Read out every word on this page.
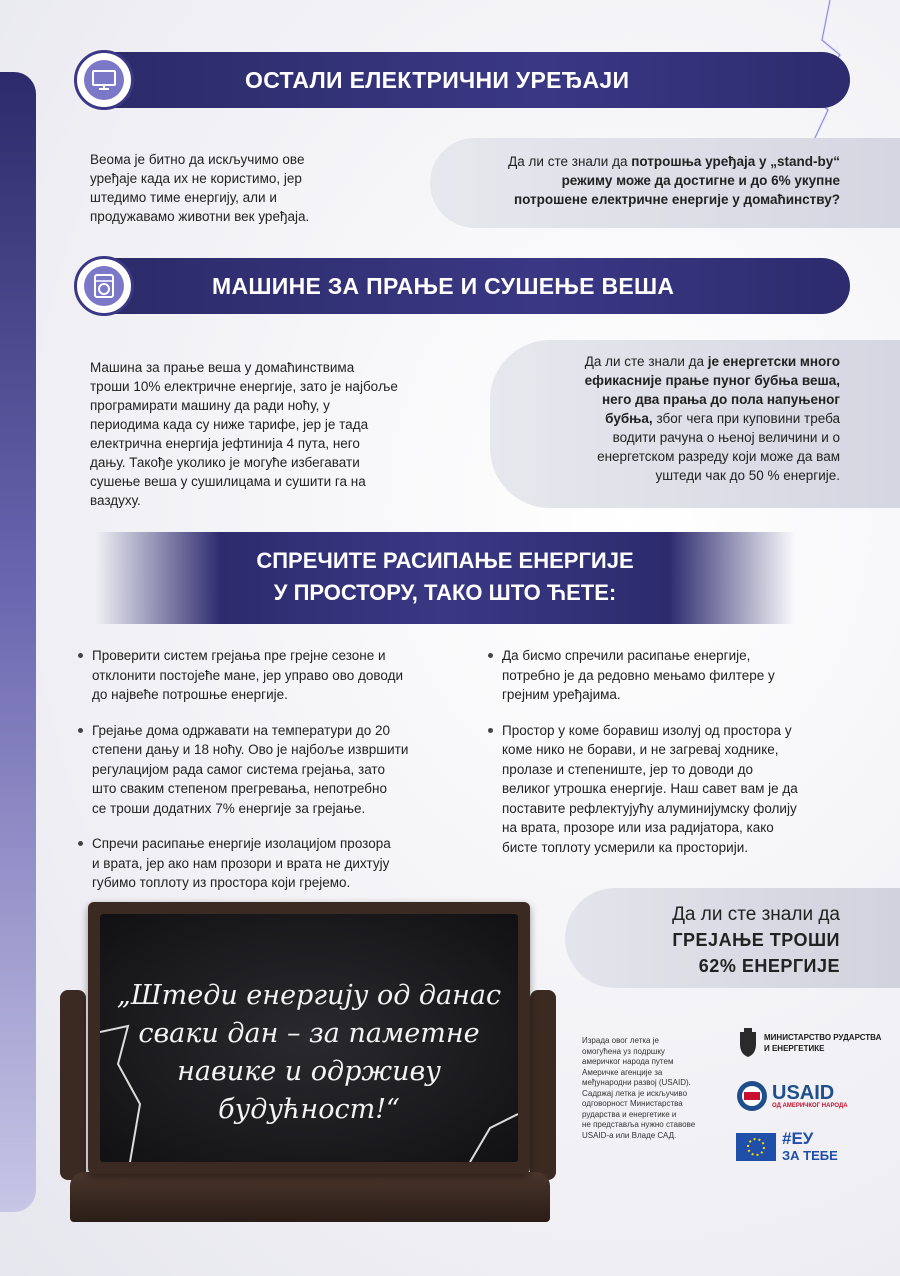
ОСТАЛИ ЕЛЕКТРИЧНИ УРЕЂАЈИ
Веома је битно да искључимо ове
уређаје када их не користимо, јер
штедимо тиме енергију, али и
продужавамо животни век уређаја.

Да ли сте знали да потрошња уређаја у „stand-by“
режиму може да достигне и до 6% укупне
потрошене електричне енергије у домаћинству?

МАШИНЕ ЗА ПРАЊЕ И СУШЕЊЕ ВЕША
Машина за прање веша у домаћинствима
троши 10% електричне енергије, зато је најбоље
програмирати машину да ради ноћу, у
периодима када су ниже тарифе, јер је тада
електрична енергија јефтинија 4 пута, него
дању. Такође уколико је могуће избегавати
сушење веша у сушилицама и сушити га на
ваздуху.

Да ли сте знали да је енергетски много
ефикасније прање пуног бубња веша,
него два прања до пола напуњеног
бубња, због чега при куповини треба
водити рачуна о њеној величини и о
енергетском разреду који може да вам
уштеди чак до 50 % енергије.

СПРЕЧИТЕ РАСИПАЊЕ ЕНЕРГИЈЕ
У ПРОСТОРУ, ТАКО ШТО ЋЕТЕ:
Проверити систем грејања пре грејне сезоне и
отклонити постојеће мане, јер управо ово доводи
до највеће потрошње енергије.
Грејање дома одржавати на температури до 20
степени дању и 18 ноћу. Ово је најбоље извршити
регулацијом рада самог система грејања, зато
што сваким степеном прегревања, непотребно
се троши додатних 7% енергије за грејање.
Спречи расипање енергије изолацијом прозора
и врата, јер ако нам прозори и врата не дихтују
губимо топлоту из простора који грејемо.
Да бисмо спречили расипање енергије,
потребно је да редовно мењамо филтере у
грејним уређајима.
Простор у коме боравиш изолуј од простора у
коме нико не борави, и не загревај ходнике,
пролазе и степениште, јер то доводи до
великог утрошка енергије. Наш савет вам је да
поставите рефлектујућу алуминијумску фолију
на врата, прозоре или иза радијатора, како
бисте топлоту усмерили ка просторији.
Да ли сте знали да
ГРЕЈАЊЕ ТРОШИ
62% ЕНЕРГИЈЕ
„Штеди енергију од данас
сваки дан – за паметне
навике и одрживу
будућност!“
Израда овог летка је
омогућена уз подршку
америчког народа путем
Америчке агенције за
међународни развој (USAID).
Садржај летка је искључиво
одговорност Министарства
рударства и енергетике и
не представља нужно ставове
USAID-а или Владе САД.
МИНИСТАРСТВО РУДАРСТВА
И ЕНЕРГЕТИКЕ
USAID
ОД АМЕРИЧКОГ НАРОДА
#ЕУ
ЗА ТЕБЕ
